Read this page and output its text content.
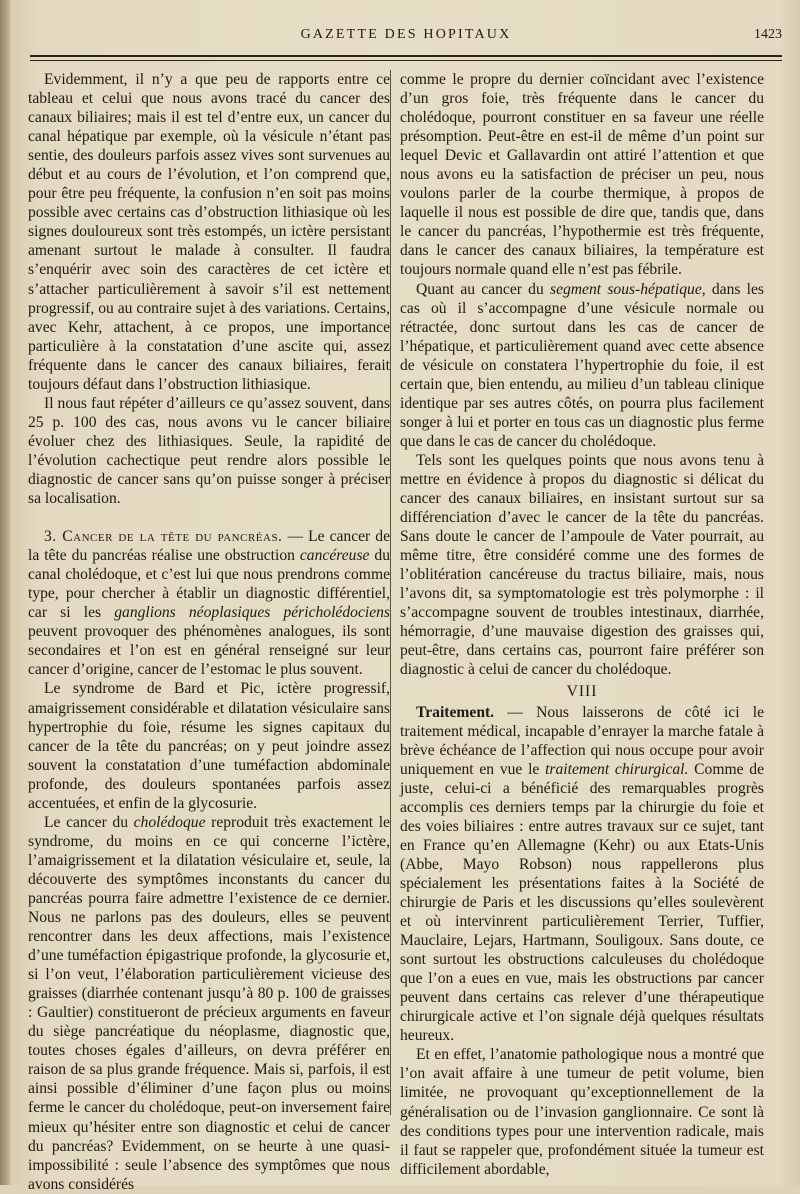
GAZETTE DES HOPITAUX	1423

Evidemment, il n’y a que peu de rapports entre ce tableau et celui que nous avons tracé du cancer des canaux biliaires; mais il est tel d’entre eux, un cancer du canal hépatique par exemple, où la vésicule n’étant pas sentie, des douleurs parfois assez vives sont survenues au début et au cours de l’évolution, et l’on comprend que, pour être peu fréquente, la confusion n’en soit pas moins possible avec certains cas d’obstruction lithiasique où les signes douloureux sont très estompés, un ictère persistant amenant surtout le malade à consulter. Il faudra s’enquérir avec soin des caractères de cet ictère et s’attacher particulièrement à savoir s’il est nettement progressif, ou au contraire sujet à des variations. Certains, avec Kehr, attachent, à ce propos, une importance particulière à la constatation d’une ascite qui, assez fréquente dans le cancer des canaux biliaires, ferait toujours défaut dans l’obstruction lithiasique.

Il nous faut répéter d’ailleurs ce qu’assez souvent, dans 25 p. 100 des cas, nous avons vu le cancer biliaire évoluer chez des lithiasiques. Seule, la rapidité de l’évolution cachectique peut rendre alors possible le diagnostic de cancer sans qu’on puisse songer à préciser sa localisation.

3. Cancer de la tête du pancréas. — Le cancer de la tête du pancréas réalise une obstruction cancéreuse du canal cholédoque, et c’est lui que nous prendrons comme type, pour chercher à établir un diagnostic différentiel, car si les ganglions néoplasiques péricholédociens peuvent provoquer des phénomènes analogues, ils sont secondaires et l’on est en général renseigné sur leur cancer d’origine, cancer de l’estomac le plus souvent.

Le syndrome de Bard et Pic, ictère progressif, amaigrissement considérable et dilatation vésiculaire sans hypertrophie du foie, résume les signes capitaux du cancer de la tête du pancréas; on y peut joindre assez souvent la constatation d’une tuméfaction abdominale profonde, des douleurs spontanées parfois assez accentuées, et enfin de la glycosurie.

Le cancer du cholédoque reproduit très exactement le syndrome, du moins en ce qui concerne l’ictère, l’amaigrissement et la dilatation vésiculaire et, seule, la découverte des symptômes inconstants du cancer du pancréas pourra faire admettre l’existence de ce dernier. Nous ne parlons pas des douleurs, elles se peuvent rencontrer dans les deux affections, mais l’existence d’une tuméfaction épigastrique profonde, la glycosurie et, si l’on veut, l’élaboration particulièrement vicieuse des graisses (diarrhée contenant jusqu’à 80 p. 100 de graisses : Gaultier) constitueront de précieux arguments en faveur du siège pancréatique du néoplasme, diagnostic que, toutes choses égales d’ailleurs, on devra préférer en raison de sa plus grande fréquence. Mais si, parfois, il est ainsi possible d’éliminer d’une façon plus ou moins ferme le cancer du cholédoque, peut-on inversement faire mieux qu’hésiter entre son diagnostic et celui de cancer du pancréas? Evidemment, on se heurte à une quasi-impossibilité : seule l’absence des symptômes que nous avons considérés

comme le propre du dernier coïncidant avec l’existence d’un gros foie, très fréquente dans le cancer du cholédoque, pourront constituer en sa faveur une réelle présomption. Peut-être en est-il de même d’un point sur lequel Devic et Gallavardin ont attiré l’attention et que nous avons eu la satisfaction de préciser un peu, nous voulons parler de la courbe thermique, à propos de laquelle il nous est possible de dire que, tandis que, dans le cancer du pancréas, l’hypothermie est très fréquente, dans le cancer des canaux biliaires, la température est toujours normale quand elle n’est pas fébrile.

Quant au cancer du segment sous-hépatique, dans les cas où il s’accompagne d’une vésicule normale ou rétractée, donc surtout dans les cas de cancer de l’hépatique, et particulièrement quand avec cette absence de vésicule on constatera l’hypertrophie du foie, il est certain que, bien entendu, au milieu d’un tableau clinique identique par ses autres côtés, on pourra plus facilement songer à lui et porter en tous cas un diagnostic plus ferme que dans le cas de cancer du cholédoque.

Tels sont les quelques points que nous avons tenu à mettre en évidence à propos du diagnostic si délicat du cancer des canaux biliaires, en insistant surtout sur sa différenciation d’avec le cancer de la tête du pancréas. Sans doute le cancer de l’ampoule de Vater pourrait, au même titre, être considéré comme une des formes de l’oblitération cancéreuse du tractus biliaire, mais, nous l’avons dit, sa symptomatologie est très polymorphe : il s’accompagne souvent de troubles intestinaux, diarrhée, hémorragie, d’une mauvaise digestion des graisses qui, peut-être, dans certains cas, pourront faire préférer son diagnostic à celui de cancer du cholédoque.

VIII

Traitement. — Nous laisserons de côté ici le traitement médical, incapable d’enrayer la marche fatale à brève échéance de l’affection qui nous occupe pour avoir uniquement en vue le traitement chirurgical. Comme de juste, celui-ci a bénéficié des remarquables progrès accomplis ces derniers temps par la chirurgie du foie et des voies biliaires : entre autres travaux sur ce sujet, tant en France qu’en Allemagne (Kehr) ou aux Etats-Unis (Abbe, Mayo Robson) nous rappellerons plus spécialement les présentations faites à la Société de chirurgie de Paris et les discussions qu’elles soulevèrent et où intervinrent particulièrement Terrier, Tuffier, Mauclaire, Lejars, Hartmann, Souligoux. Sans doute, ce sont surtout les obstructions calculeuses du cholédoque que l’on a eues en vue, mais les obstructions par cancer peuvent dans certains cas relever d’une thérapeutique chirurgicale active et l’on signale déjà quelques résultats heureux.

Et en effet, l’anatomie pathologique nous a montré que l’on avait affaire à une tumeur de petit volume, bien limitée, ne provoquant qu’exceptionnellement de la généralisation ou de l’invasion ganglionnaire. Ce sont là des conditions types pour une intervention radicale, mais il faut se rappeler que, profondément située la tumeur est difficilement abordable,
